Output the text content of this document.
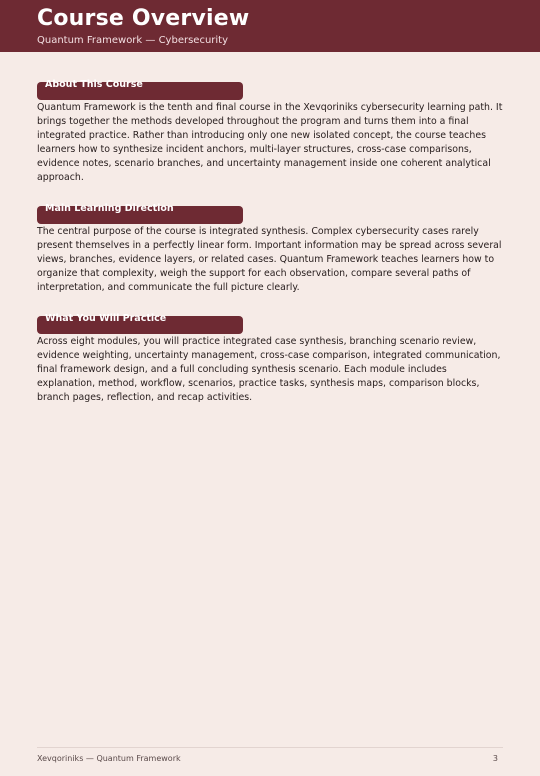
Course Overview
Quantum Framework — Cybersecurity
About This Course

Quantum Framework is the tenth and final course in the Xevqoriniks cybersecurity learning path. It brings together the methods developed throughout the program and turns them into a final integrated practice. Rather than introducing only one new isolated concept, the course teaches learners how to synthesize incident anchors, multi-layer structures, cross-case comparisons, evidence notes, scenario branches, and uncertainty management inside one coherent analytical approach.

Main Learning Direction

The central purpose of the course is integrated synthesis. Complex cybersecurity cases rarely present themselves in a perfectly linear form. Important information may be spread across several views, branches, evidence layers, or related cases. Quantum Framework teaches learners how to organize that complexity, weigh the support for each observation, compare several paths of interpretation, and communicate the full picture clearly.

What You Will Practice

Across eight modules, you will practice integrated case synthesis, branching scenario review, evidence weighting, uncertainty management, cross-case comparison, integrated communication, final framework design, and a full concluding synthesis scenario. Each module includes explanation, method, workflow, scenarios, practice tasks, synthesis maps, comparison blocks, branch pages, reflection, and recap activities.

Xevqoriniks — Quantum Framework	3
